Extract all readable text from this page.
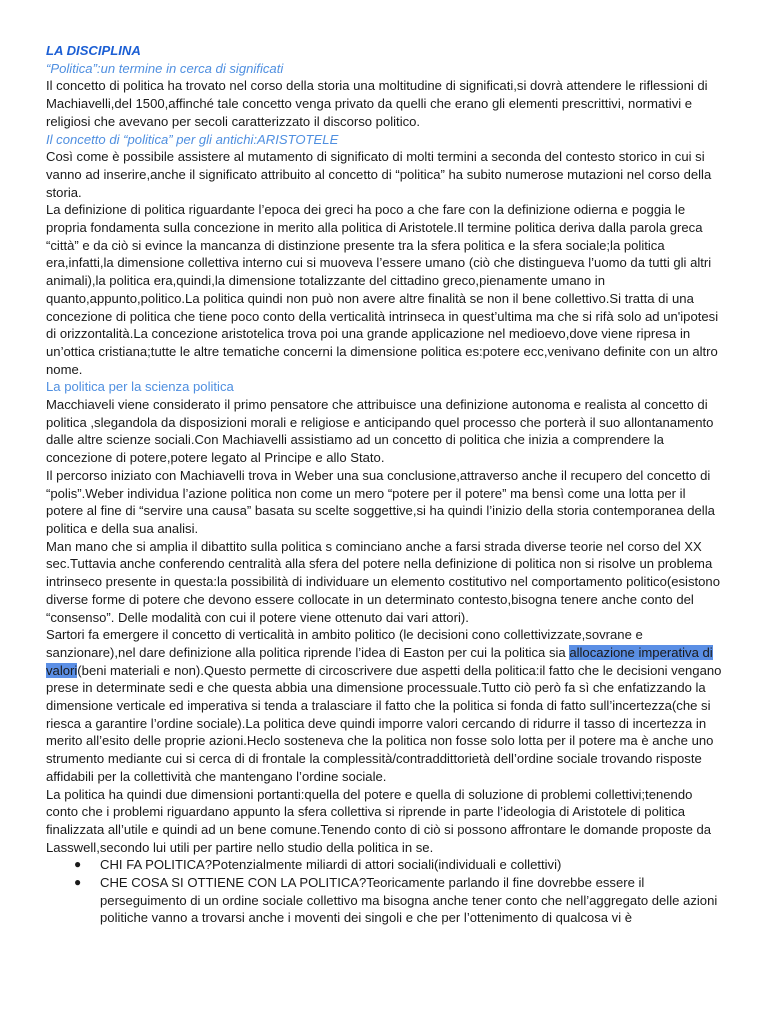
LA DISCIPLINA

“Politica”:un termine in cerca di significati

Il concetto di politica ha trovato nel corso della storia una moltitudine di significati,si dovrà attendere le riflessioni di Machiavelli,del 1500,affinché tale concetto venga privato da quelli che erano gli elementi prescrittivi, normativi e religiosi che avevano per secoli caratterizzato il discorso politico.

Il concetto di “politica” per gli antichi:ARISTOTELE

Così come è possibile assistere al mutamento di significato di molti termini a seconda del contesto storico in cui si vanno ad inserire,anche il significato attribuito al concetto di “politica” ha subito numerose mutazioni nel corso della storia.

La definizione di politica riguardante l’epoca dei greci ha poco a che fare con la definizione odierna e poggia le propria fondamenta sulla concezione in merito alla politica di Aristotele.Il termine politica deriva dalla parola greca “città” e da ciò si evince la mancanza di distinzione presente tra la sfera politica e la sfera sociale;la politica era,infatti,la dimensione collettiva interno cui si muoveva l’essere umano (ciò che distingueva l’uomo da tutti gli altri animali),la politica era,quindi,la dimensione totalizzante del cittadino greco,pienamente umano in quanto,appunto,politico.La politica quindi non può non avere altre finalità se non il bene collettivo.Si tratta di una concezione di politica che tiene poco conto della verticalità intrinseca in quest’ultima ma che si rifà solo ad un'ipotesi di orizzontalità.La concezione aristotelica trova poi una grande applicazione nel medioevo,dove viene ripresa in un’ottica cristiana;tutte le altre tematiche concerni la dimensione politica es:potere ecc,venivano definite con un altro nome.

La politica per la scienza politica

Macchiaveli viene considerato il primo pensatore che attribuisce una definizione autonoma e realista al concetto di politica ,slegandola da disposizioni morali e religiose e anticipando quel processo che porterà il suo allontanamento dalle altre scienze sociali.Con Machiavelli assistiamo ad un concetto di politica che inizia a comprendere la concezione di potere,potere legato al Principe e allo Stato.

Il percorso iniziato con Machiavelli trova in Weber una sua conclusione,attraverso anche il recupero del concetto di “polis”.Weber individua l’azione politica non come un mero “potere per il potere” ma bensì come una lotta per il potere al fine di “servire una causa” basata su scelte soggettive,si ha quindi l’inizio della storia contemporanea della politica e della sua analisi.

Man mano che si amplia il dibattito sulla politica s cominciano anche a farsi strada diverse teorie nel corso del XX sec.Tuttavia anche conferendo centralità alla sfera del potere nella definizione di politica non si risolve un problema intrinseco presente in questa:la possibilità di individuare un elemento costitutivo nel comportamento politico(esistono diverse forme di potere che devono essere collocate in un determinato contesto,bisogna tenere anche conto del “consenso”. Delle modalità con cui il potere viene ottenuto dai vari attori).

Sartori fa emergere il concetto di verticalità in ambito politico (le decisioni cono collettivizzate,sovrane e sanzionare),nel dare definizione alla politica riprende l’idea di Easton per cui la politica sia allocazione imperativa di valori(beni materiali e non).Questo permette di circoscrivere due aspetti della politica:il fatto che le decisioni vengano prese in determinate sedi e che questa abbia una dimensione processuale.Tutto ciò però fa sì che enfatizzando la dimensione verticale ed imperativa si tenda a tralasciare il fatto che la politica si fonda di fatto sull’incertezza(che si riesca a garantire l’ordine sociale).La politica deve quindi imporre valori cercando di ridurre il tasso di incertezza in merito all’esito delle proprie azioni.Heclo sosteneva che la politica non fosse solo lotta per il potere ma è anche uno strumento mediante cui si cerca di di frontale la complessità/contraddittorietà dell’ordine sociale trovando risposte affidabili per la collettività che mantengano l’ordine sociale.

La politica ha quindi due dimensioni portanti:quella del potere e quella di soluzione di problemi collettivi;tenendo conto che i problemi riguardano appunto la sfera collettiva si riprende in parte l’ideologia di Aristotele di politica finalizzata all’utile e quindi ad un bene comune.Tenendo conto di ciò si possono affrontare le domande proposte da Lasswell,secondo lui utili per partire nello studio della politica in se.

● CHI FA POLITICA?Potenzialmente miliardi di attori sociali(individuali e collettivi)
● CHE COSA SI OTTIENE CON LA POLITICA?Teoricamente parlando il fine dovrebbe essere il perseguimento di un ordine sociale collettivo ma bisogna anche tener conto che nell’aggregato delle azioni politiche vanno a trovarsi anche i moventi dei singoli e che per l’ottenimento di qualcosa vi è
